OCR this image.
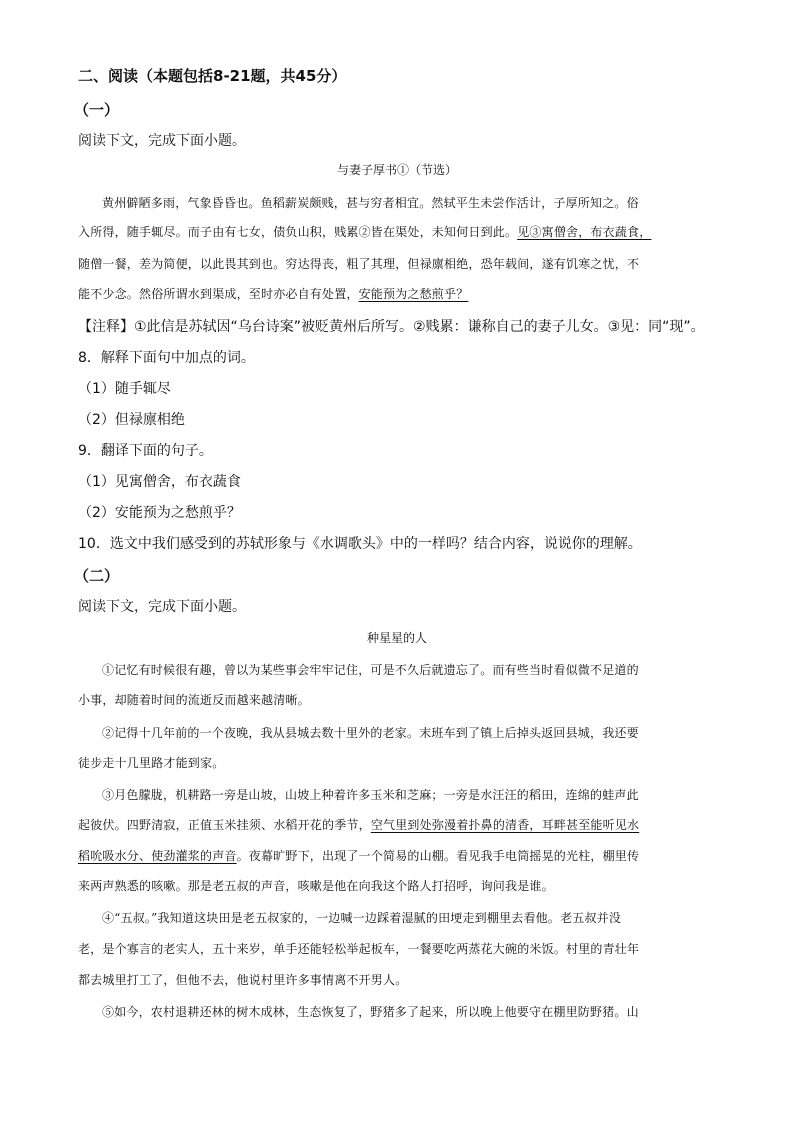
二、阅读（本题包括8-21题，共45分）
（一）
阅读下文，完成下面小题。
与妻子厚书①（节选）
黄州僻陋多雨，气象昏昏也。鱼稻薪炭颇贱，甚与穷者相宜。然轼平生未尝作活计，子厚所知之。俗
入所得，随手辄尽。而子由有七女，债负山积，贱累②皆在渠处，未知何日到此。见③寓僧舍，布衣蔬食，
随僧一餐，差为简便，以此畏其到也。穷达得丧，粗了其理，但禄廪相绝，恐年载间，遂有饥寒之忧，不
能不少念。然俗所谓水到渠成，至时亦必自有处置，安能预为之愁煎乎？
【注释】①此信是苏轼因“乌台诗案”被贬黄州后所写。②贱累：谦称自己的妻子儿女。③见：同“现”。
8．解释下面句中加点的词。
（1）随手辄尽
（2）但禄廪相绝
9．翻译下面的句子。
（1）见寓僧舍，布衣蔬食
（2）安能预为之愁煎乎？
10．选文中我们感受到的苏轼形象与《水调歌头》中的一样吗？结合内容，说说你的理解。
（二）
阅读下文，完成下面小题。
种星星的人
①记忆有时候很有趣，曾以为某些事会牢牢记住，可是不久后就遗忘了。而有些当时看似微不足道的
小事，却随着时间的流逝反而越来越清晰。
②记得十几年前的一个夜晚，我从县城去数十里外的老家。末班车到了镇上后掉头返回县城，我还要
徒步走十几里路才能到家。
③月色朦胧，机耕路一旁是山坡，山坡上种着许多玉米和芝麻；一旁是水汪汪的稻田，连绵的蛙声此
起彼伏。四野清寂，正值玉米挂须、水稻开花的季节，空气里到处弥漫着扑鼻的清香，耳畔甚至能听见水
稻吮吸水分、使劲灌浆的声音。夜幕旷野下，出现了一个简易的山棚。看见我手电筒摇晃的光柱，棚里传
来两声熟悉的咳嗽。那是老五叔的声音，咳嗽是他在向我这个路人打招呼，询问我是谁。
④“五叔。”我知道这块田是老五叔家的，一边喊一边踩着湿腻的田埂走到棚里去看他。老五叔并没
老，是个寡言的老实人，五十来岁，单手还能轻松举起板车，一餐要吃两蒸花大碗的米饭。村里的青壮年
都去城里打工了，但他不去，他说村里许多事情离不开男人。
⑤如今，农村退耕还林的树木成林，生态恢复了，野猪多了起来，所以晚上他要守在棚里防野猪。山
